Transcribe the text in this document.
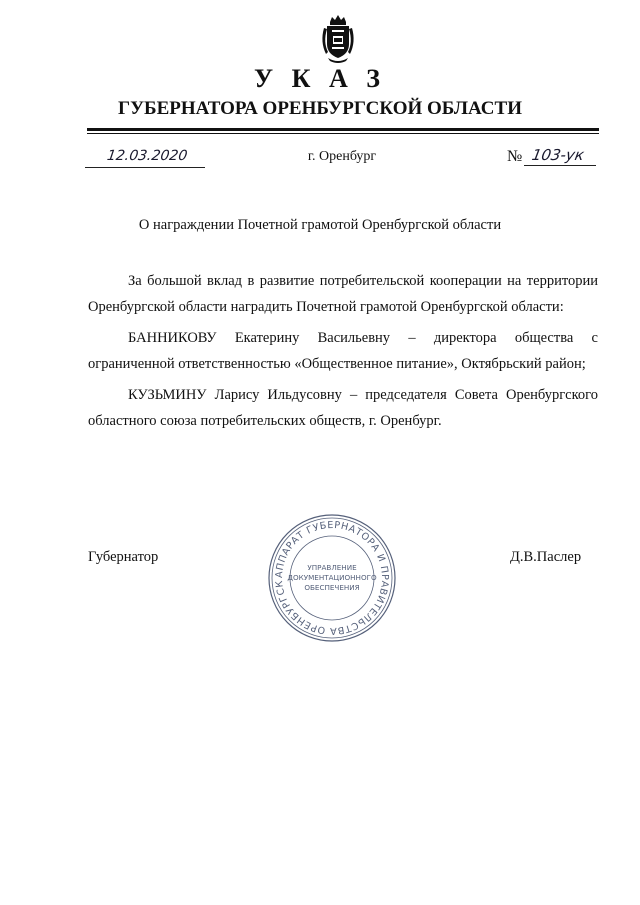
У К А З
ГУБЕРНАТОРА ОРЕНБУРГСКОЙ ОБЛАСТИ
12.03.2020	г. Оренбург	№ 103-ук
О награждении Почетной грамотой Оренбургской области

За большой вклад в развитие потребительской кооперации на территории Оренбургской области наградить Почетной грамотой Оренбургской области:

БАННИКОВУ Екатерину Васильевну – директора общества с ограниченной ответственностью «Общественное питание», Октябрьский район;

КУЗЬМИНУ Ларису Ильдусовну – председателя Совета Оренбургского областного союза потребительских обществ, г. Оренбург.

Губернатор	Д.В.Паслер
АППАРАТ ГУБЕРНАТОРА И ПРАВИТЕЛЬСТВА ОРЕНБУРГСК
УПРАВЛЕНИЕ
ДОКУМЕНТАЦИОННОГО
ОБЕСПЕЧЕНИЯ
